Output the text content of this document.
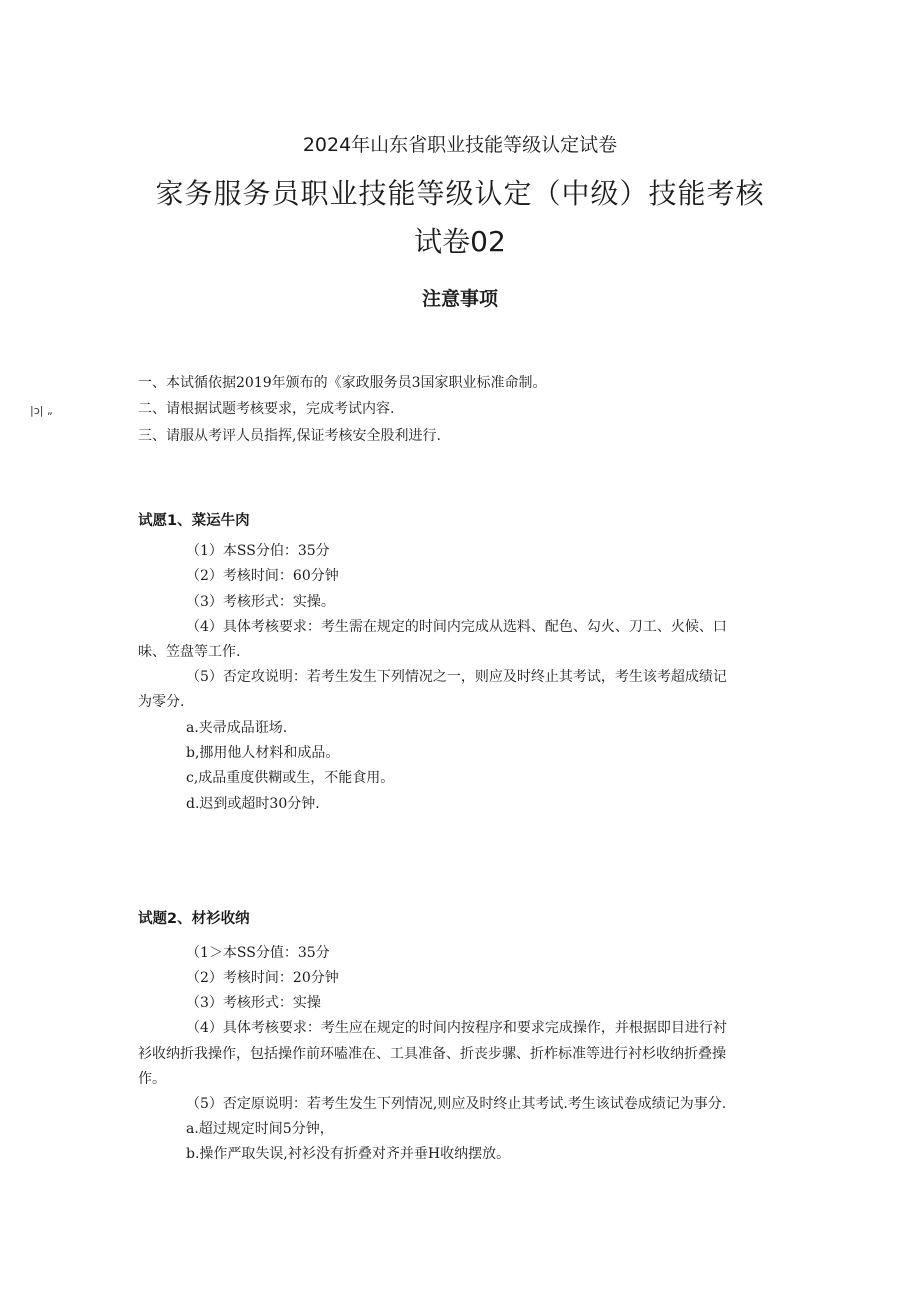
2024年山东省职业技能等级认定试卷
家务服务员职业技能等级认定（中级）技能考核
试卷02
注意事项
|ɔ| „
一、本试循依据2019年颁布的《家政服务员3国家职业标准命制。
二、请根据试题考核要求，完成考试内容.
三、请服从考评人员指挥,保证考核安全股利进行.
试愿1、菜运牛肉
（1）本SS分伯：35分
（2）考核时间：60分钟
（3）考核形式：实操。
（4）具体考核要求：考生需在规定的时间内完成从选料、配色、勾火、刀工、火候、口
味、笠盘等工作.
（5）否定攻说明：若考生发生下列情况之一，则应及时终止其考试，考生该考超成绩记
为零分.
a.夹帚成品诳场.
b,挪用他人材料和成品。
c,成品重度供糊或生，不能食用。
d.迟到或超时30分钟.
试题2、材衫收纳
（1＞本SS分值：35分
（2）考核时间：20分钟
（3）考核形式：实操
（4）具体考核要求：考生应在规定的时间内按程序和要求完成操作，并根据即目进行衬
衫收纳折我操作，包括操作前环嗑准在、工具准备、折丧步骡、折柞标准等进行衬杉收纳折叠操
作。
（5）否定原说明：若考生发生下列情况,则应及时终止其考试.考生该试卷成绩记为事分.
a.超过规定时间5分钟，
b.操作严取失误,衬衫没有折叠对齐并垂H收纳摆放。
